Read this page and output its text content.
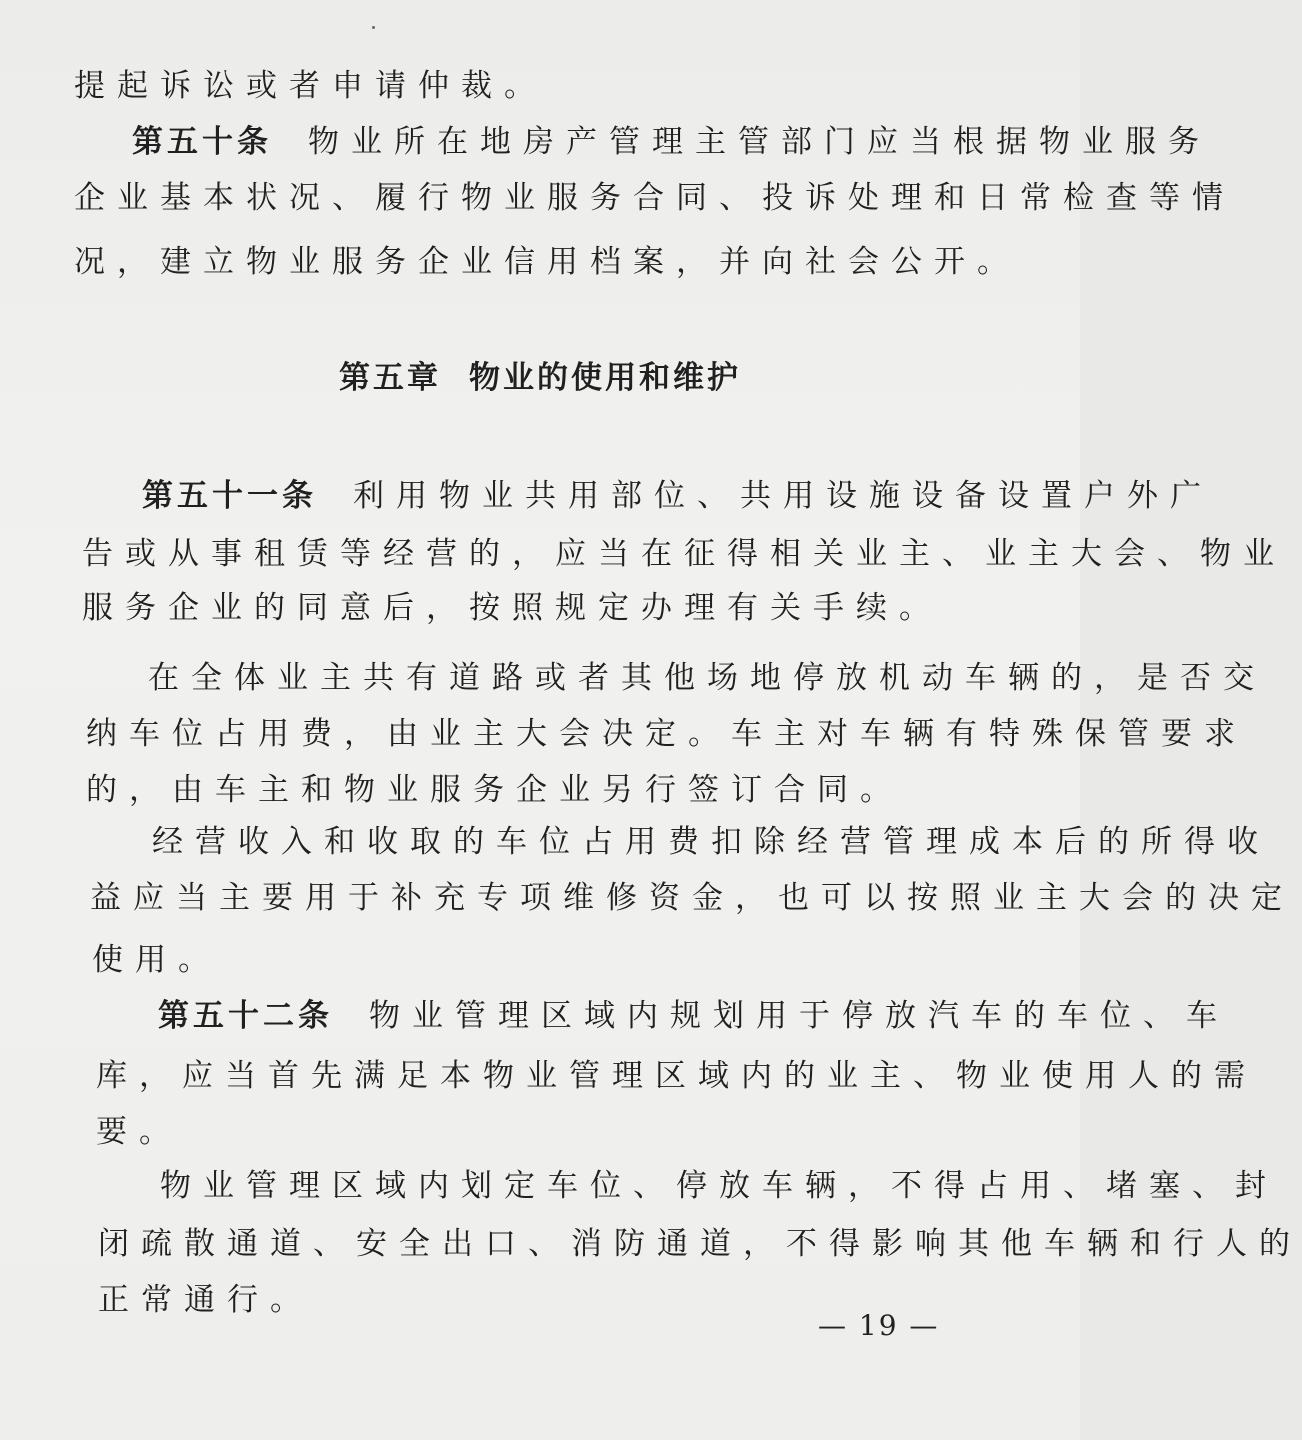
提起诉讼或者申请仲裁。

第五十条 物业所在地房产管理主管部门应当根据物业服务

企业基本状况、履行物业服务合同、投诉处理和日常检查等情

况，建立物业服务企业信用档案，并向社会公开。

第五章 物业的使用和维护

第五十一条 利用物业共用部位、共用设施设备设置户外广

告或从事租赁等经营的，应当在征得相关业主、业主大会、物业

服务企业的同意后，按照规定办理有关手续。

在全体业主共有道路或者其他场地停放机动车辆的，是否交

纳车位占用费，由业主大会决定。车主对车辆有特殊保管要求

的，由车主和物业服务企业另行签订合同。

经营收入和收取的车位占用费扣除经营管理成本后的所得收

益应当主要用于补充专项维修资金，也可以按照业主大会的决定

使用。

第五十二条 物业管理区域内规划用于停放汽车的车位、车

库，应当首先满足本物业管理区域内的业主、物业使用人的需

要。

物业管理区域内划定车位、停放车辆，不得占用、堵塞、封

闭疏散通道、安全出口、消防通道，不得影响其他车辆和行人的

正常通行。

— 19 —
